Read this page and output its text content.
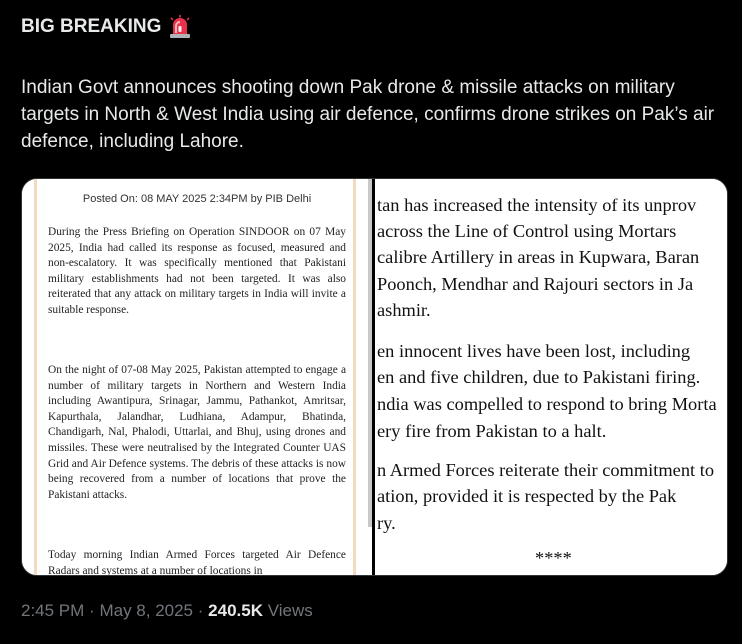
BIG BREAKING
Indian Govt announces shooting down Pak drone & missile attacks on military targets in North & West India using air defence, confirms drone strikes on Pak’s air defence, including Lahore.
Posted On: 08 MAY 2025 2:34PM by PIB Delhi

During the Press Briefing on Operation SINDOOR on 07 May 2025, India had called its response as focused, measured and non-escalatory. It was specifically mentioned that Pakistani military establishments had not been targeted. It was also reiterated that any attack on military targets in India will invite a suitable response.

On the night of 07-08 May 2025, Pakistan attempted to engage a number of military targets in Northern and Western India including Awantipura, Srinagar, Jammu, Pathankot, Amritsar, Kapurthala, Jalandhar, Ludhiana, Adampur, Bhatinda, Chandigarh, Nal, Phalodi, Uttarlai, and Bhuj, using drones and missiles. These were neutralised by the Integrated Counter UAS Grid and Air Defence systems. The debris of these attacks is now being recovered from a number of locations that prove the Pakistani attacks.

Today morning Indian Armed Forces targeted Air Defence Radars and systems at a number of locations in

tan has increased the intensity of its unprov
across the Line of Control using Mortars
calibre Artillery in areas in Kupwara, Baran
Poonch, Mendhar and Rajouri sectors in Ja
ashmir.
en innocent lives have been lost, including
en and five children, due to Pakistani firing.
ndia was compelled to respond to bring Morta
ery fire from Pakistan to a halt.
n Armed Forces reiterate their commitment to
ation, provided it is respected by the Pak
ry.
****
2:45 PM · May 8, 2025 · 240.5K Views
